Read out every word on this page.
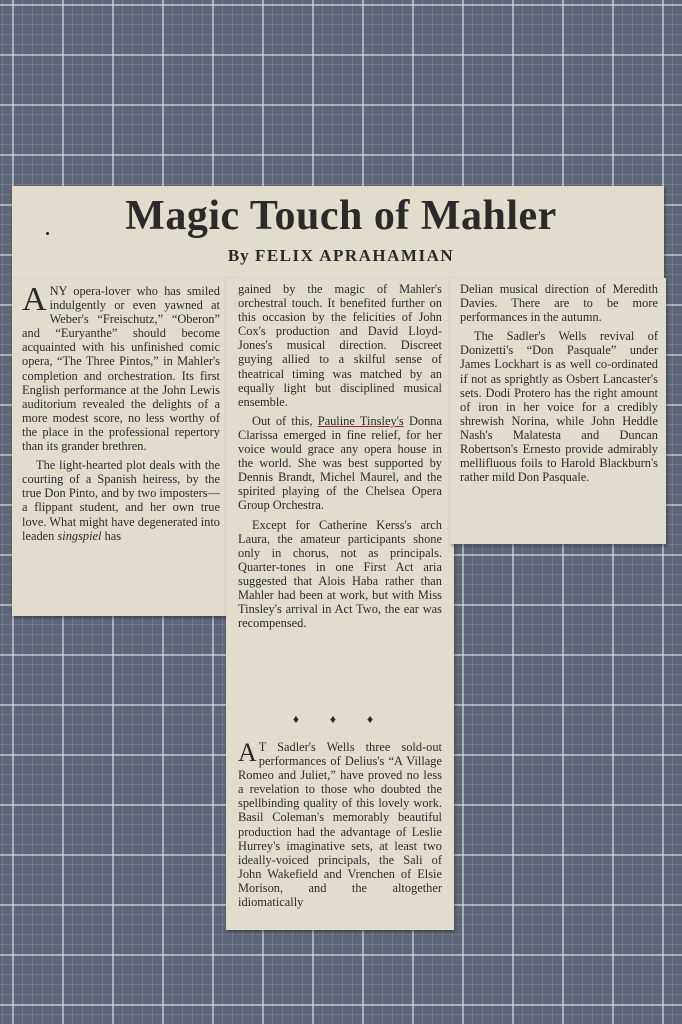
Magic Touch of Mahler
By FELIX APRAHAMIAN

ANY opera-lover who has smiled indulgently or even yawned at Weber's “Freischutz,” “Oberon” and “Euryanthe” should become acquainted with his unfinished comic opera, “The Three Pintos,” in Mahler's completion and orchestration. Its first English performance at the John Lewis auditorium revealed the delights of a more modest score, no less worthy of the place in the professional repertory than its grander brethren.

The light-hearted plot deals with the courting of a Spanish heiress, by the true Don Pinto, and by two imposters—a flippant student, and her own true love. What might have degenerated into leaden singspiel has

gained by the magic of Mahler's orchestral touch. It benefited further on this occasion by the felicities of John Cox's production and David Lloyd-Jones's musical direction. Discreet guying allied to a skilful sense of theatrical timing was matched by an equally light but disciplined musical ensemble.

Out of this, Pauline Tinsley's Donna Clarissa emerged in fine relief, for her voice would grace any opera house in the world. She was best supported by Dennis Brandt, Michel Maurel, and the spirited playing of the Chelsea Opera Group Orchestra.

Except for Catherine Kerss's arch Laura, the amateur participants shone only in chorus, not as principals. Quarter-tones in one First Act aria suggested that Alois Haba rather than Mahler had been at work, but with Miss Tinsley's arrival in Act Two, the ear was recompensed.

♦ ♦ ♦

A T Sadler's Wells three sold-out performances of Delius's “A Village Romeo and Juliet,” have proved no less a revelation to those who doubted the spellbinding quality of this lovely work. Basil Coleman's memorably beautiful production had the advantage of Leslie Hurrey's imaginative sets, at least two ideally-voiced principals, the Sali of John Wakefield and Vrenchen of Elsie Morison, and the altogether idiomatically

Delian musical direction of Meredith Davies. There are to be more performances in the autumn.

The Sadler's Wells revival of Donizetti's “Don Pasquale” under James Lockhart is as well co-ordinated if not as sprightly as Osbert Lancaster's sets. Dodi Protero has the right amount of iron in her voice for a credibly shrewish Norina, while John Heddle Nash's Malatesta and Duncan Robertson's Ernesto provide admirably mellifluous foils to Harold Blackburn's rather mild Don Pasquale.
